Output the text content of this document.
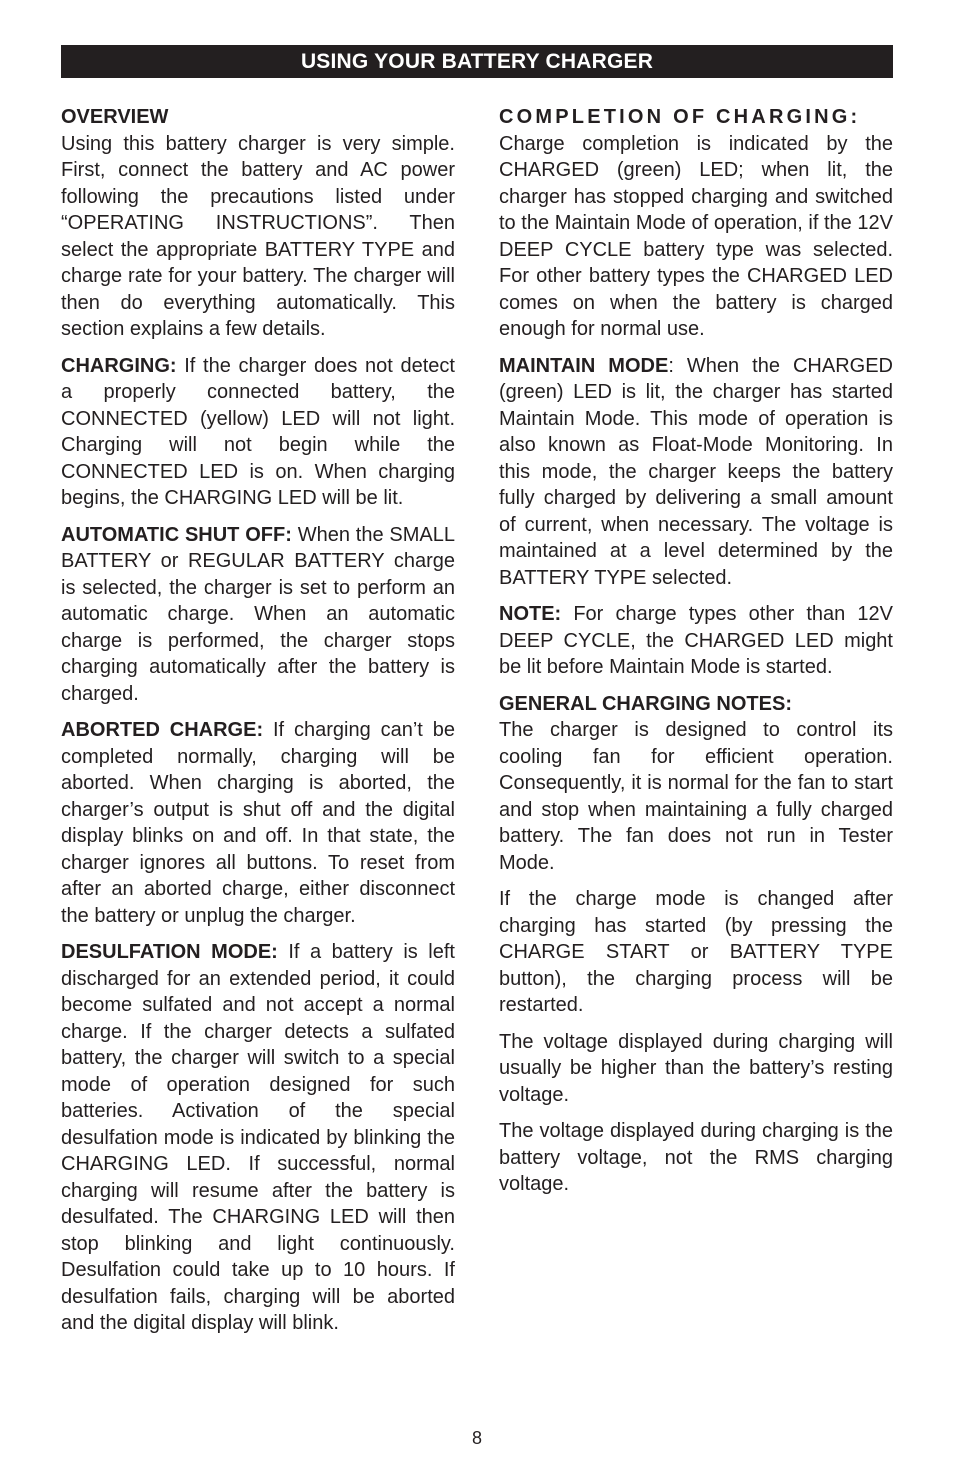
USING YOUR BATTERY CHARGER

OVERVIEW
Using this battery charger is very simple. First, connect the battery and AC power following the precautions listed under “OPERATING INSTRUCTIONS”. Then select the appropriate BATTERY TYPE and charge rate for your battery. The charger will then do everything automatically. This section explains a few details.

CHARGING: If the charger does not detect a properly connected battery, the CONNECTED (yellow) LED will not light. Charging will not begin while the CONNECTED LED is on. When charging begins, the CHARGING LED will be lit.

AUTOMATIC SHUT OFF: When the SMALL BATTERY or REGULAR BATTERY charge is selected, the charger is set to perform an automatic charge. When an automatic charge is performed, the charger stops charging automatically after the battery is charged.

ABORTED CHARGE: If charging can’t be completed normally, charging will be aborted. When charging is aborted, the charger’s output is shut off and the digital display blinks on and off. In that state, the charger ignores all buttons. To reset from after an aborted charge, either disconnect the battery or unplug the charger.

DESULFATION MODE: If a battery is left discharged for an extended period, it could become sulfated and not accept a normal charge. If the charger detects a sulfated battery, the charger will switch to a special mode of operation designed for such batteries. Activation of the special desulfation mode is indicated by blinking the CHARGING LED. If successful, normal charging will resume after the battery is desulfated. The CHARGING LED will then stop blinking and light continuously. Desulfation could take up to 10 hours. If desulfation fails, charging will be aborted and the digital display will blink.

COMPLETION OF CHARGING:
Charge completion is indicated by the CHARGED (green) LED; when lit, the charger has stopped charging and switched to the Maintain Mode of operation, if the 12V DEEP CYCLE battery type was selected. For other battery types the CHARGED LED comes on when the battery is charged enough for normal use.

MAINTAIN MODE: When the CHARGED (green) LED is lit, the charger has started Maintain Mode. This mode of operation is also known as Float-Mode Monitoring. In this mode, the charger keeps the battery fully charged by delivering a small amount of current, when necessary. The voltage is maintained at a level determined by the BATTERY TYPE selected.

NOTE: For charge types other than 12V DEEP CYCLE, the CHARGED LED might be lit before Maintain Mode is started.

GENERAL CHARGING NOTES:
The charger is designed to control its cooling fan for efficient operation. Consequently, it is normal for the fan to start and stop when maintaining a fully charged battery. The fan does not run in Tester Mode.

If the charge mode is changed after charging has started (by pressing the CHARGE START or BATTERY TYPE button), the charging process will be restarted.

The voltage displayed during charging will usually be higher than the battery’s resting voltage.

The voltage displayed during charging is the battery voltage, not the RMS charging voltage.

8
